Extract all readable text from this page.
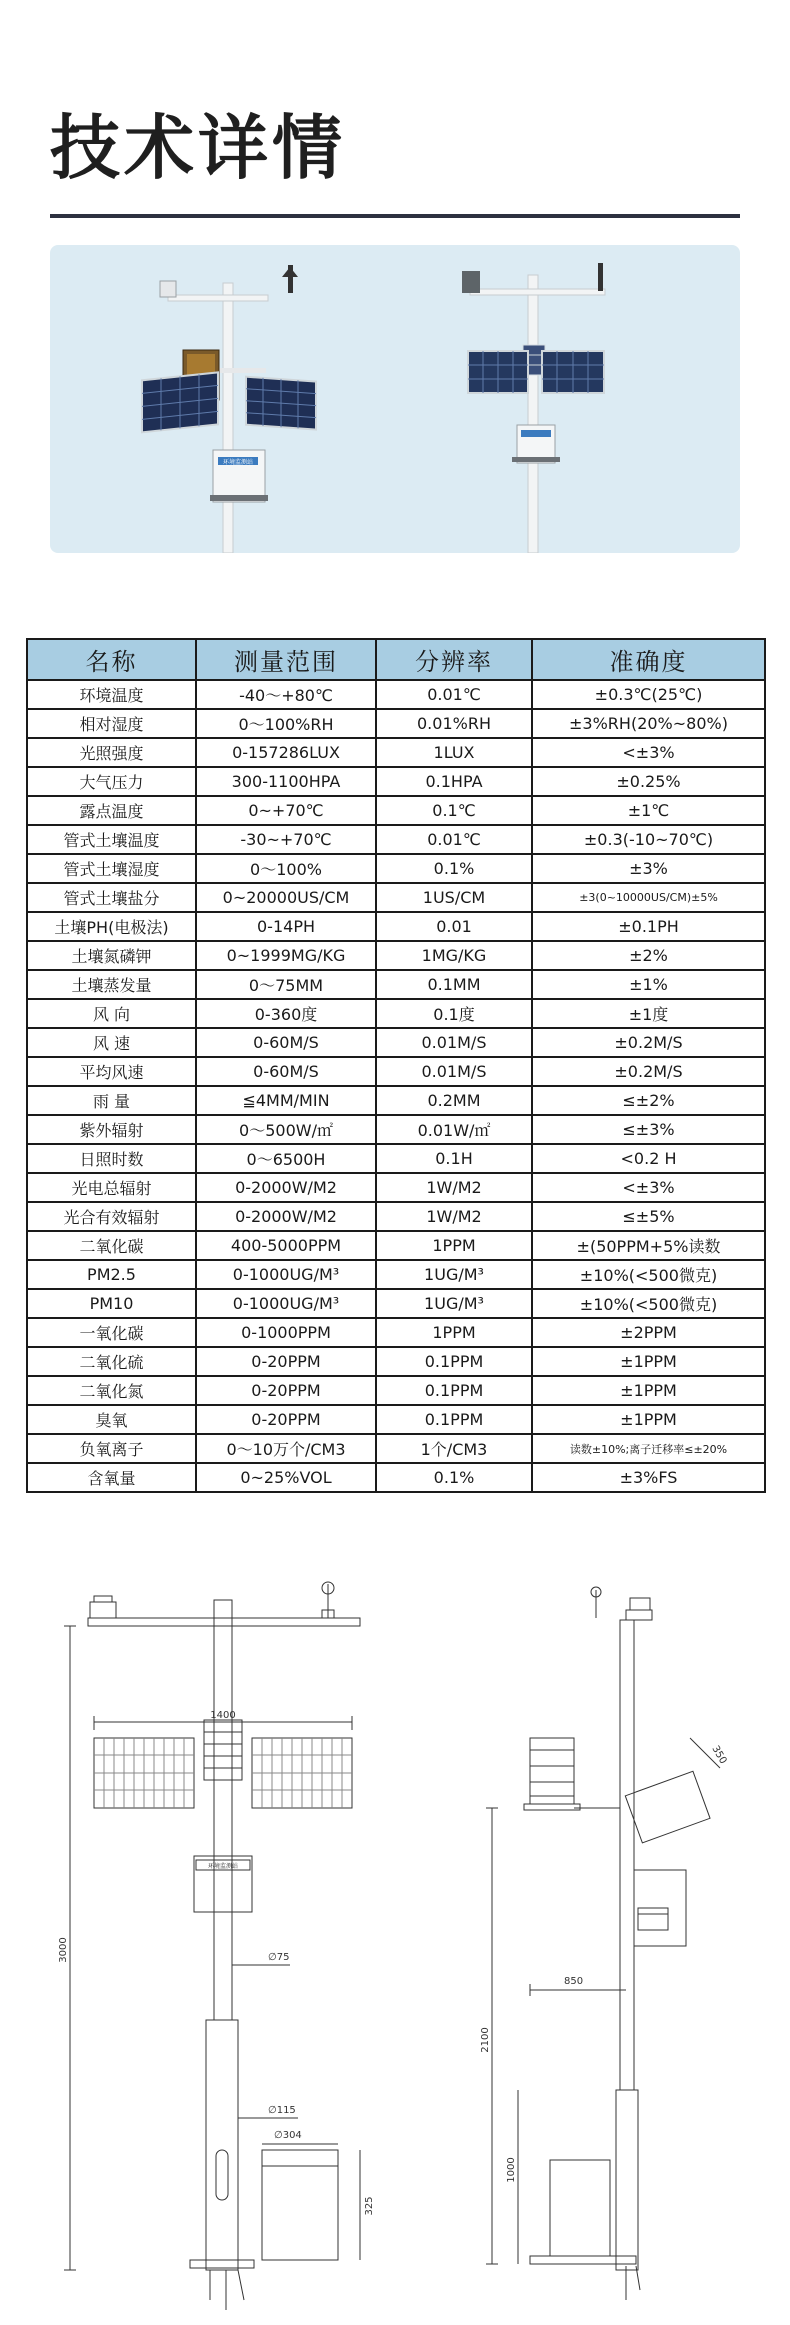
技术详情
环境监测站
名称	测量范围	分辨率	准确度
环境温度	-40～+80℃	0.01℃	±0.3℃(25℃)
相对湿度	0～100%RH	0.01%RH	±3%RH(20%~80%)
光照强度	0-157286LUX	1LUX	<±3%
大气压力	300-1100HPA	0.1HPA	±0.25%
露点温度	0~+70℃	0.1℃	±1℃
管式土壤温度	-30~+70℃	0.01℃	±0.3(-10~70℃)
管式土壤湿度	0～100%	0.1%	±3%
管式土壤盐分	0~20000US/CM	1US/CM	±3(0~10000US/CM)±5%
土壤PH(电极法)	0-14PH	0.01	±0.1PH
土壤氮磷钾	0~1999MG/KG	1MG/KG	±2%
土壤蒸发量	0～75MM	0.1MM	±1%
风 向	0-360度	0.1度	±1度
风 速	0-60M/S	0.01M/S	±0.2M/S
平均风速	0-60M/S	0.01M/S	±0.2M/S
雨 量	≦4MM/MIN	0.2MM	≤±2%
紫外辐射	0～500W/㎡	0.01W/㎡	≤±3%
日照时数	0～6500H	0.1H	<0.2 H
光电总辐射	0-2000W/M2	1W/M2	<±3%
光合有效辐射	0-2000W/M2	1W/M2	≤±5%
二氧化碳	400-5000PPM	1PPM	±(50PPM+5%读数
PM2.5	0-1000UG/M³	1UG/M³	±10%(<500微克)
PM10	0-1000UG/M³	1UG/M³	±10%(<500微克)
一氧化碳	0-1000PPM	1PPM	±2PPM
二氧化硫	0-20PPM	0.1PPM	±1PPM
二氧化氮	0-20PPM	0.1PPM	±1PPM
臭氧	0-20PPM	0.1PPM	±1PPM
负氧离子	0～10万个/CM3	1个/CM3	读数±10%;离子迁移率≤±20%
含氧量	0~25%VOL	0.1%	±3%FS
环境监测站
3000
1400
∅75
∅115
∅304
325
350
850
2100
1000
